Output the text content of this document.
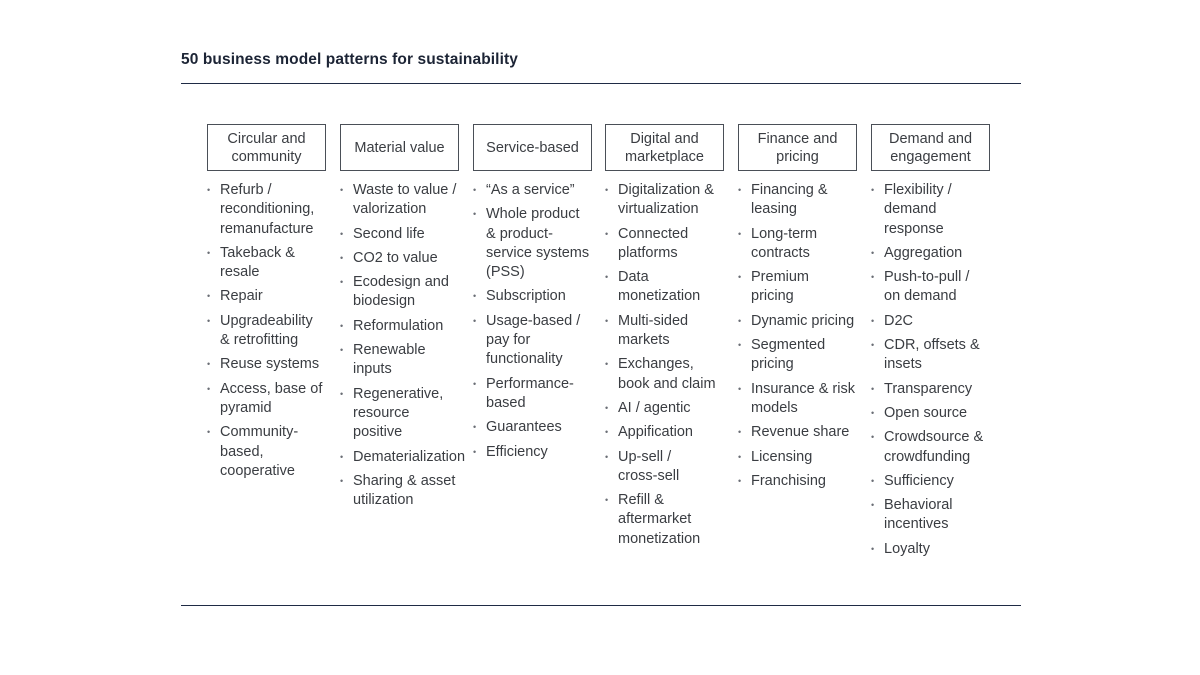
50 business model patterns for sustainability
Circular and
community
• Refurb /
reconditioning,
remanufacture
• Takeback &
resale
• Repair
• Upgradeability
& retrofitting
• Reuse systems
• Access, base of
pyramid
• Community-
based,
cooperative
Material value
• Waste to value /
valorization
• Second life
• CO2 to value
• Ecodesign and
biodesign
• Reformulation
• Renewable
inputs
• Regenerative,
resource
positive
• Dematerialization
• Sharing & asset
utilization
Service-based
• “As a service”
• Whole product
& product-
service systems
(PSS)
• Subscription
• Usage-based /
pay for
functionality
• Performance-
based
• Guarantees
• Efficiency
Digital and
marketplace
• Digitalization &
virtualization
• Connected
platforms
• Data
monetization
• Multi-sided
markets
• Exchanges,
book and claim
• AI / agentic
• Appification
• Up-sell /
cross-sell
• Refill &
aftermarket
monetization
Finance and
pricing
• Financing &
leasing
• Long-term
contracts
• Premium
pricing
• Dynamic pricing
• Segmented
pricing
• Insurance & risk
models
• Revenue share
• Licensing
• Franchising
Demand and
engagement
• Flexibility /
demand
response
• Aggregation
• Push-to-pull /
on demand
• D2C
• CDR, offsets &
insets
• Transparency
• Open source
• Crowdsource &
crowdfunding
• Sufficiency
• Behavioral
incentives
• Loyalty
